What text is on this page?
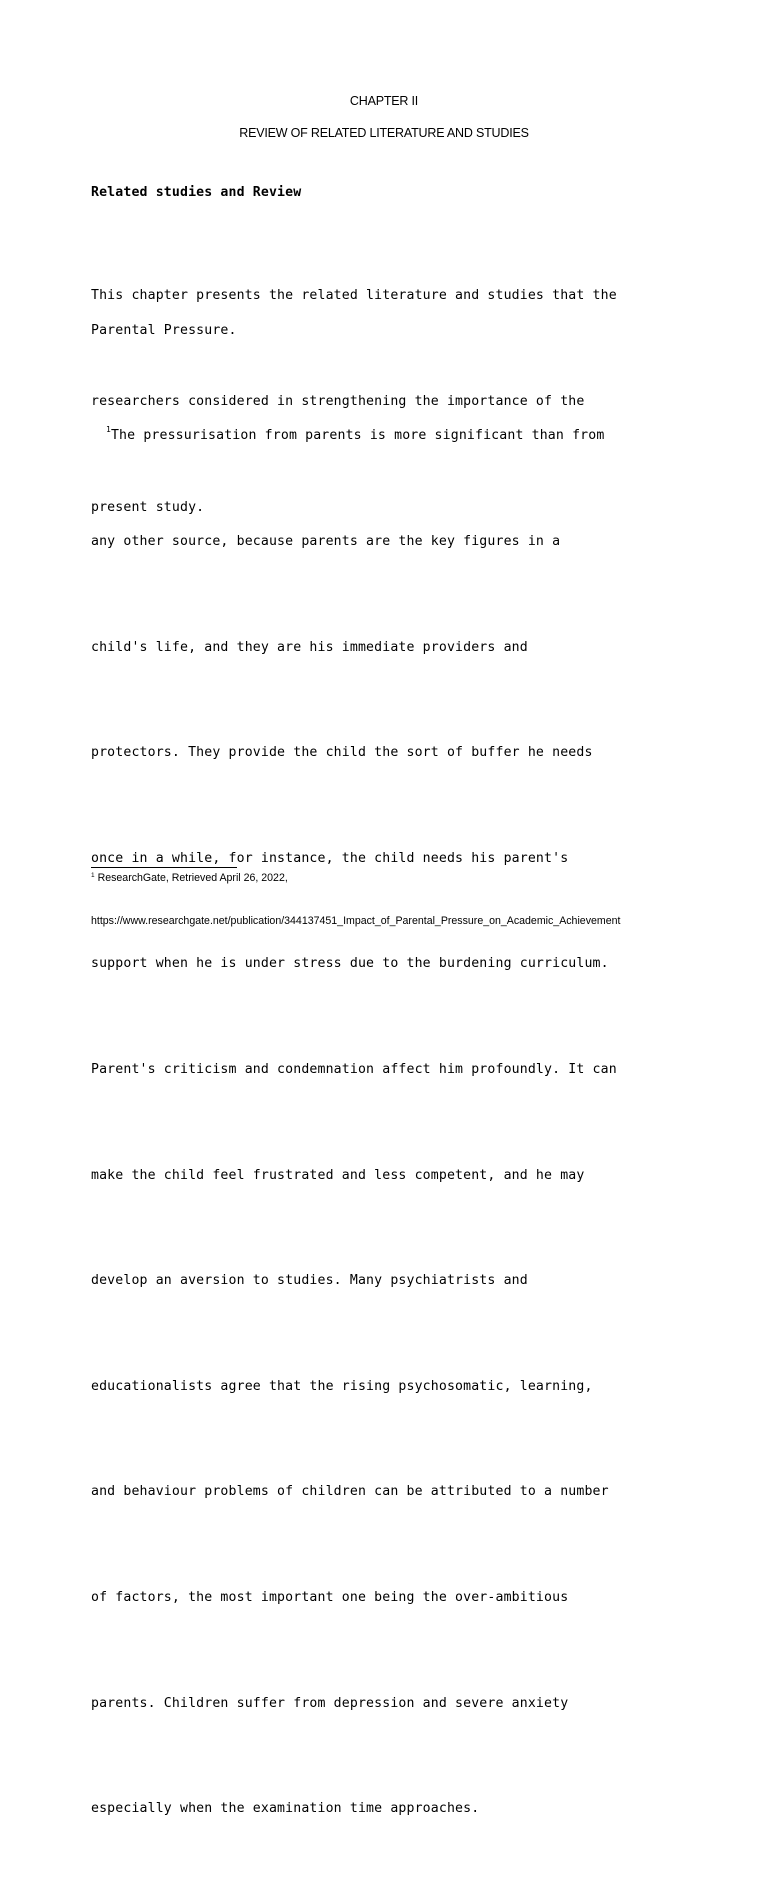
CHAPTER II
REVIEW OF RELATED LITERATURE AND STUDIES
Related studies and Review

This chapter presents the related literature and studies that the

researchers considered in strengthening the importance of the

present study.

Parental Pressure.

$^1$The pressurisation from parents is more significant than from

any other source, because parents are the key figures in a

child's life, and they are his immediate providers and

protectors. They provide the child the sort of buffer he needs

once in a while, for instance, the child needs his parent's

support when he is under stress due to the burdening curriculum.

Parent's criticism and condemnation affect him profoundly. It can

make the child feel frustrated and less competent, and he may

develop an aversion to studies. Many psychiatrists and

educationalists agree that the rising psychosomatic, learning,

and behaviour problems of children can be attributed to a number

of factors, the most important one being the over-ambitious

parents. Children suffer from depression and severe anxiety

especially when the examination time approaches.

$^1$ ResearchGate, Retrieved April 26, 2022,
https://www.researchgate.net/publication/344137451_Impact_of_Parental_Pressure_on_Academic_Achievement
